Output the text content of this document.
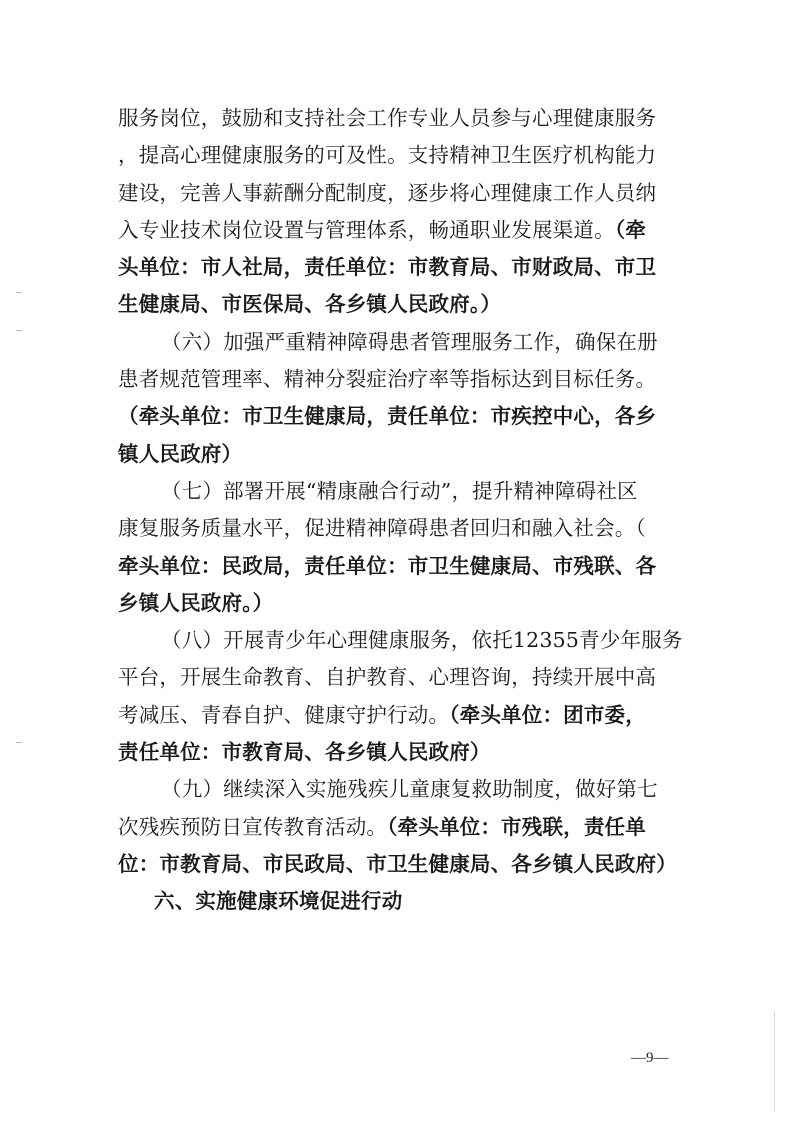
服务岗位，鼓励和支持社会工作专业人员参与心理健康服务
，提高心理健康服务的可及性。支持精神卫生医疗机构能力
建设，完善人事薪酬分配制度，逐步将心理健康工作人员纳
入专业技术岗位设置与管理体系，畅通职业发展渠道。（牵
头单位：市人社局，责任单位：市教育局、市财政局、市卫
生健康局、市医保局、各乡镇人民政府。）
（六）加强严重精神障碍患者管理服务工作，确保在册
患者规范管理率、精神分裂症治疗率等指标达到目标任务。
（牵头单位：市卫生健康局，责任单位：市疾控中心，各乡
镇人民政府）
（七）部署开展“精康融合行动”，提升精神障碍社区
康复服务质量水平，促进精神障碍患者回归和融入社会。（
牵头单位：民政局，责任单位：市卫生健康局、市残联、各
乡镇人民政府。）
（八）开展青少年心理健康服务，依托12355青少年服务
平台，开展生命教育、自护教育、心理咨询，持续开展中高
考减压、青春自护、健康守护行动。（牵头单位：团市委，
责任单位：市教育局、各乡镇人民政府）
（九）继续深入实施残疾儿童康复救助制度，做好第七
次残疾预防日宣传教育活动。（牵头单位：市残联，责任单
位：市教育局、市民政局、市卫生健康局、各乡镇人民政府）
六、实施健康环境促进行动
—9—
